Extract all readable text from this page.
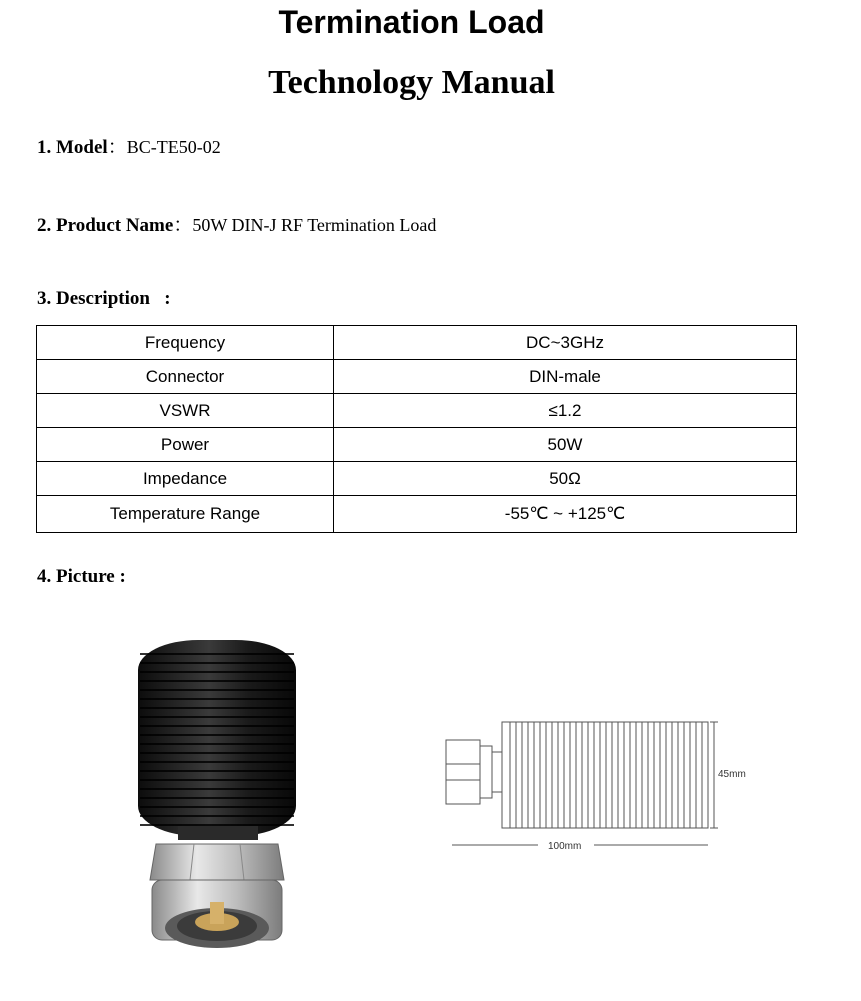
Termination Load
Technology Manual
1. Model：BC-TE50-02
2. Product Name：50W DIN-J RF Termination Load
3. Description   :
Frequency	DC~3GHz
Connector	DIN-male
VSWR	≤1.2
Power	50W
Impedance	50Ω
Temperature Range	-55℃ ~ +125℃
4. Picture :
45mm
100mm
